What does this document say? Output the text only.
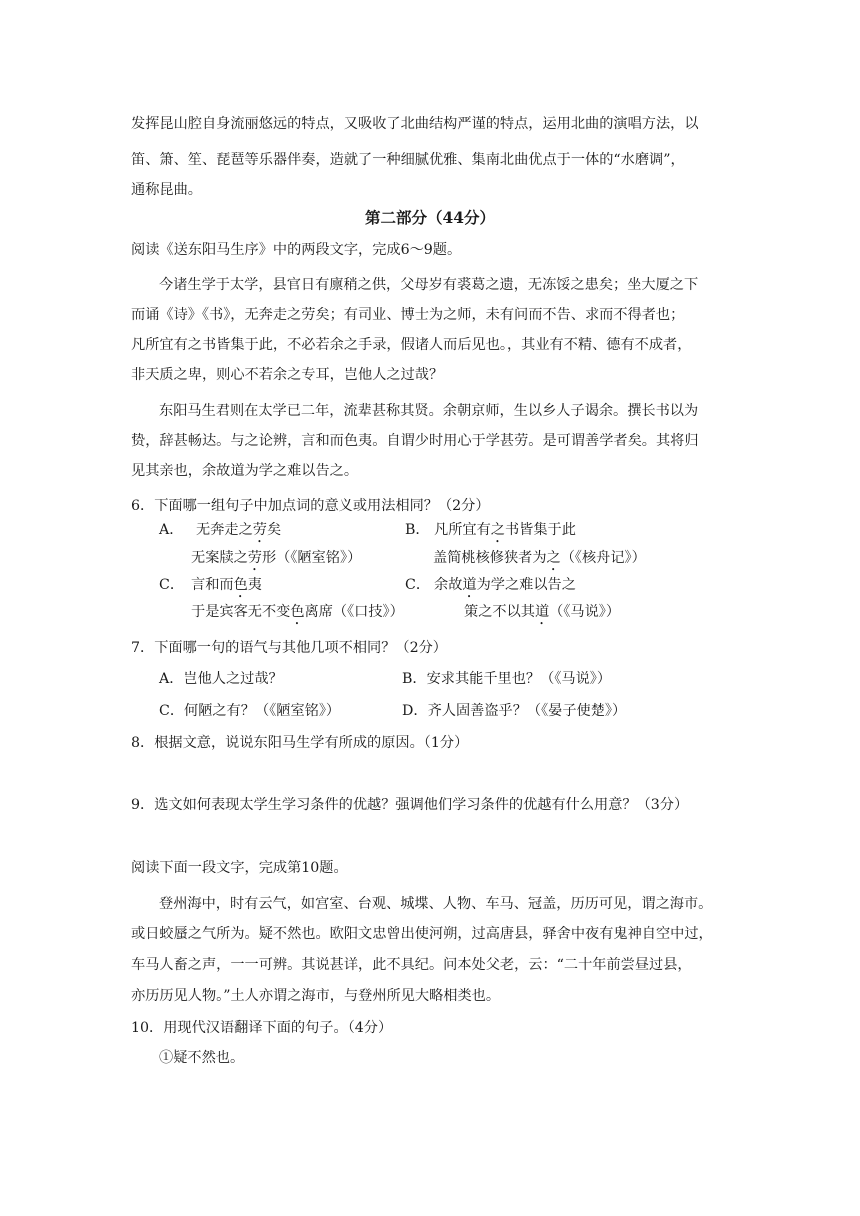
发挥昆山腔自身流丽悠远的特点，又吸收了北曲结构严谨的特点，运用北曲的演唱方法，以
笛、箫、笙、琵琶等乐器伴奏，造就了一种细腻优雅、集南北曲优点于一体的“水磨调”，
通称昆曲。
第二部分（44分）
阅读《送东阳马生序》中的两段文字，完成6～9题。
今诸生学于太学，县官日有廪稍之供，父母岁有裘葛之遗，无冻馁之患矣；坐大厦之下
而诵《诗》《书》，无奔走之劳矣；有司业、博士为之师，未有问而不告、求而不得者也；
凡所宜有之书皆集于此，不必若余之手录，假诸人而后见也。，其业有不精、德有不成者，
非天质之卑，则心不若余之专耳，岂他人之过哉？
东阳马生君则在太学已二年，流辈甚称其贤。余朝京师，生以乡人子谒余。撰长书以为
贽，辞甚畅达。与之论辨，言和而色夷。自谓少时用心于学甚劳。是可谓善学者矣。其将归
见其亲也，余故道为学之难以告之。
6．下面哪一组句子中加点词的意义或用法相同？（2分）
A． 无奔走之劳矣	B． 凡所宜有之书皆集于此
无案牍之劳形（《陋室铭》）	盖简桃核修狭者为之（《核舟记》）
C． 言和而色夷	C． 余故道为学之难以告之
于是宾客无不变色离席（《口技》）	策之不以其道（《马说》）
7．下面哪一句的语气与其他几项不相同？（2分）
A．岂他人之过哉？	B．安求其能千里也？（《马说》）
C．何陋之有？（《陋室铭》）	D．齐人固善盗乎？（《晏子使楚》）
8．根据文意，说说东阳马生学有所成的原因。（1分）
9．选文如何表现太学生学习条件的优越？强调他们学习条件的优越有什么用意？（3分）
阅读下面一段文字，完成第10题。
登州海中，时有云气，如宫室、台观、城堞、人物、车马、冠盖，历历可见，谓之海市。
或日蛟蜃之气所为。疑不然也。欧阳文忠曾出使河朔，过高唐县，驿舍中夜有鬼神自空中过，
车马人畜之声，一一可辨。其说甚详，此不具纪。问本处父老，云：“二十年前尝昼过县，
亦历历见人物。”土人亦谓之海市，与登州所见大略相类也。
10．用现代汉语翻译下面的句子。（4分）
①疑不然也。
